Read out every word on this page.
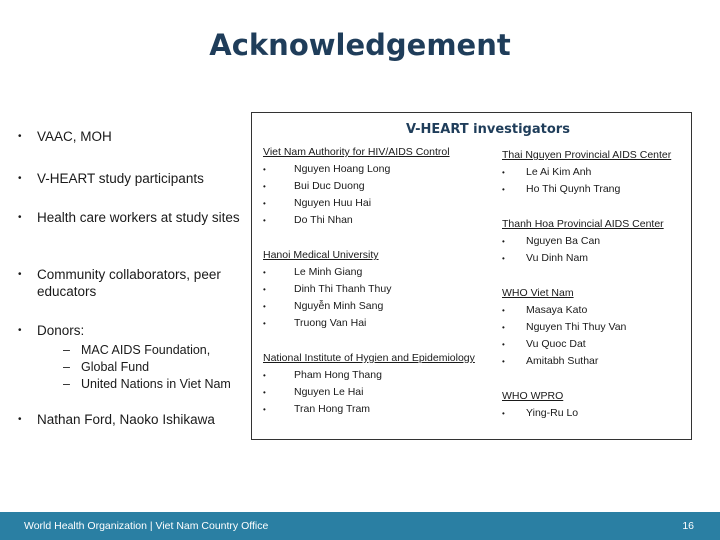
Acknowledgement
• VAAC, MOH
• V-HEART study participants
• Health care workers at study sites
• Community collaborators, peer educators
• Donors:
– MAC AIDS Foundation,
– Global Fund
– United Nations in Viet Nam
• Nathan Ford, Naoko Ishikawa
V-HEART investigators
Viet Nam Authority for HIV/AIDS Control
•	Nguyen Hoang Long
•	Bui Duc Duong
•	Nguyen Huu Hai
•	Do Thi Nhan
Hanoi Medical University
•	Le Minh Giang
•	Dinh Thi Thanh Thuy
•	Nguyễn Minh Sang
•	Truong Van Hai
National Institute of Hygien and Epidemiology
•	Pham Hong Thang
•	Nguyen Le Hai
•	Tran Hong Tram
Thai Nguyen Provincial AIDS Center
• Le Ai Kim Anh
• Ho Thi Quynh Trang
Thanh Hoa Provincial AIDS Center
• Nguyen Ba Can
• Vu Dinh Nam
WHO Viet Nam
• Masaya Kato
• Nguyen Thi Thuy Van
• Vu Quoc Dat
• Amitabh Suthar
WHO WPRO
• Ying-Ru Lo
World Health Organization | Viet Nam Country Office	16
